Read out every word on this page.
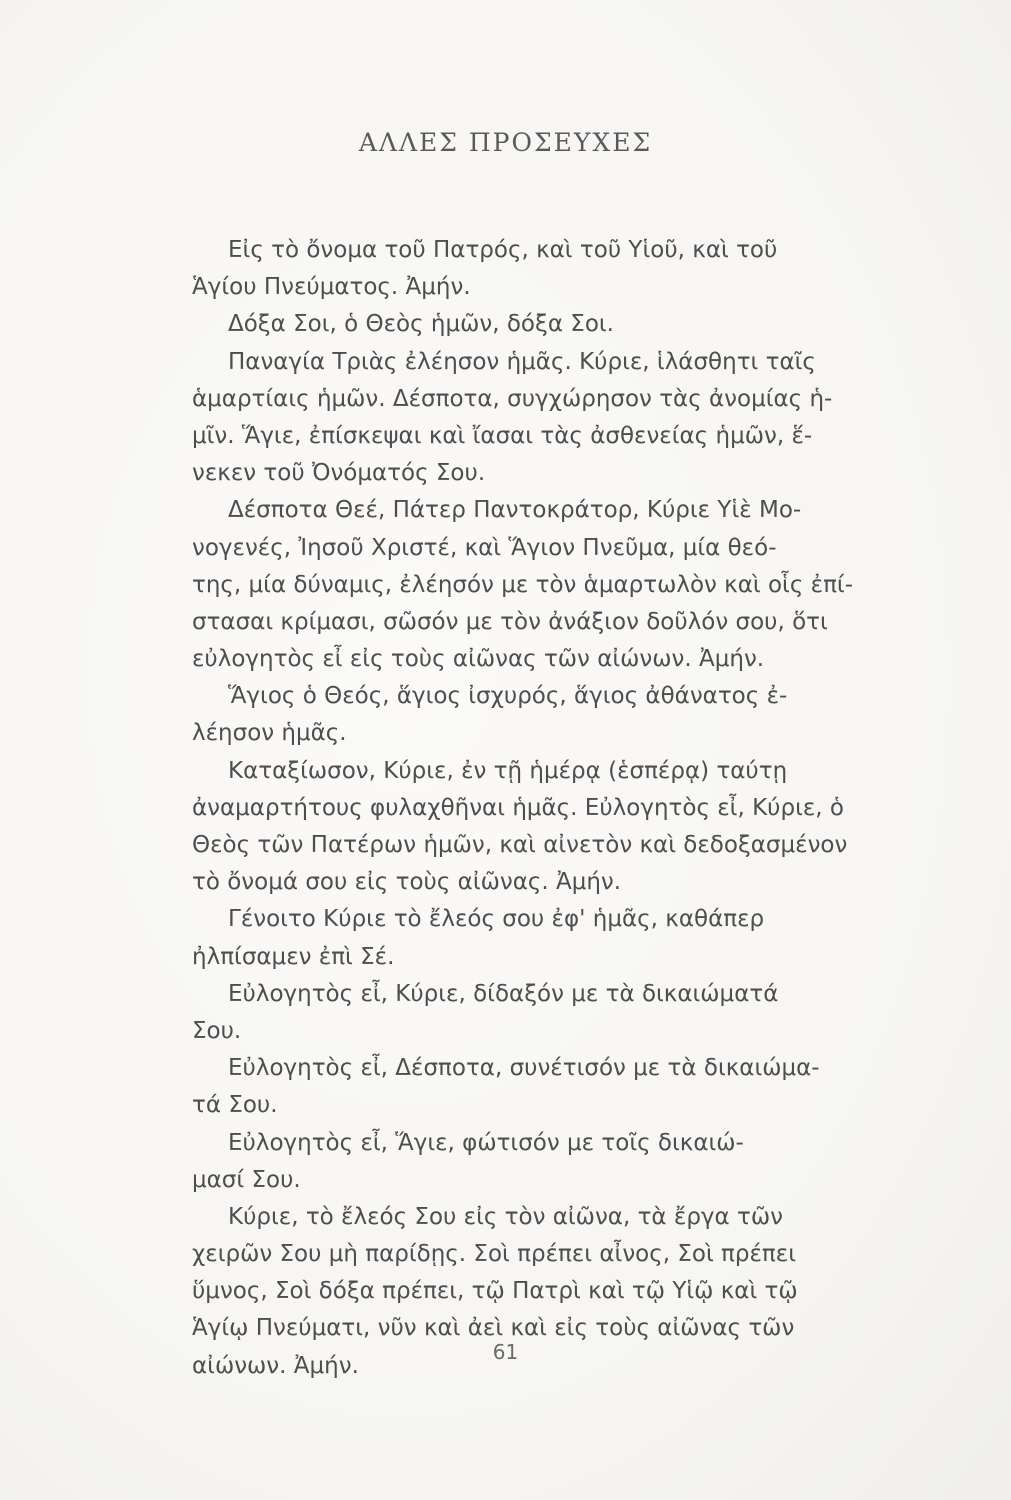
ΑΛΛΕΣ ΠΡΟΣΕΥΧΕΣ
Εἰς τὸ ὄνομα τοῦ Πατρός, καὶ τοῦ Υἱοῦ, καὶ τοῦ
Ἁγίου Πνεύματος. Ἀμήν.
Δόξα Σοι, ὁ Θεὸς ἡμῶν, δόξα Σοι.
Παναγία Τριὰς ἐλέησον ἡμᾶς. Κύριε, ἱλάσθητι ταῖς
ἁμαρτίαις ἡμῶν. Δέσποτα, συγχώρησον τὰς ἀνομίας ἡ-
μῖν. Ἅγιε, ἐπίσκεψαι καὶ ἴασαι τὰς ἀσθενείας ἡμῶν, ἕ-
νεκεν τοῦ Ὀνόματός Σου.
Δέσποτα Θεέ, Πάτερ Παντοκράτορ, Κύριε Υἱὲ Μο-
νογενές, Ἰησοῦ Χριστέ, καὶ Ἅγιον Πνεῦμα, μία θεό-
της, μία δύναμις, ἐλέησόν με τὸν ἁμαρτωλὸν καὶ οἷς ἐπί-
στασαι κρίμασι, σῶσόν με τὸν ἀνάξιον δοῦλόν σου, ὅτι
εὐλογητὸς εἶ εἰς τοὺς αἰῶνας τῶν αἰώνων. Ἀμήν.
Ἅγιος ὁ Θεός, ἅγιος ἰσχυρός, ἅγιος ἀθάνατος ἐ-
λέησον ἡμᾶς.
Καταξίωσον, Κύριε, ἐν τῇ ἡμέρᾳ (ἑσπέρᾳ) ταύτῃ
ἀναμαρτήτους φυλαχθῆναι ἡμᾶς. Εὐλογητὸς εἶ, Κύριε, ὁ
Θεὸς τῶν Πατέρων ἡμῶν, καὶ αἰνετὸν καὶ δεδοξασμένον
τὸ ὄνομά σου εἰς τοὺς αἰῶνας. Ἀμήν.
Γένοιτο Κύριε τὸ ἔλεός σου ἐφ' ἡμᾶς, καθάπερ
ἠλπίσαμεν ἐπὶ Σέ.
Εὐλογητὸς εἶ, Κύριε, δίδαξόν με τὰ δικαιώματά
Σου.
Εὐλογητὸς εἶ, Δέσποτα, συνέτισόν με τὰ δικαιώμα-
τά Σου.
Εὐλογητὸς εἶ, Ἅγιε, φώτισόν με τοῖς δικαιώ-
μασί Σου.
Κύριε, τὸ ἔλεός Σου εἰς τὸν αἰῶνα, τὰ ἔργα τῶν
χειρῶν Σου μὴ παρίδῃς. Σοὶ πρέπει αἶνος, Σοὶ πρέπει
ὕμνος, Σοὶ δόξα πρέπει, τῷ Πατρὶ καὶ τῷ Υἱῷ καὶ τῷ
Ἁγίῳ Πνεύματι, νῦν καὶ ἀεὶ καὶ εἰς τοὺς αἰῶνας τῶν
αἰώνων. Ἀμήν.
61
